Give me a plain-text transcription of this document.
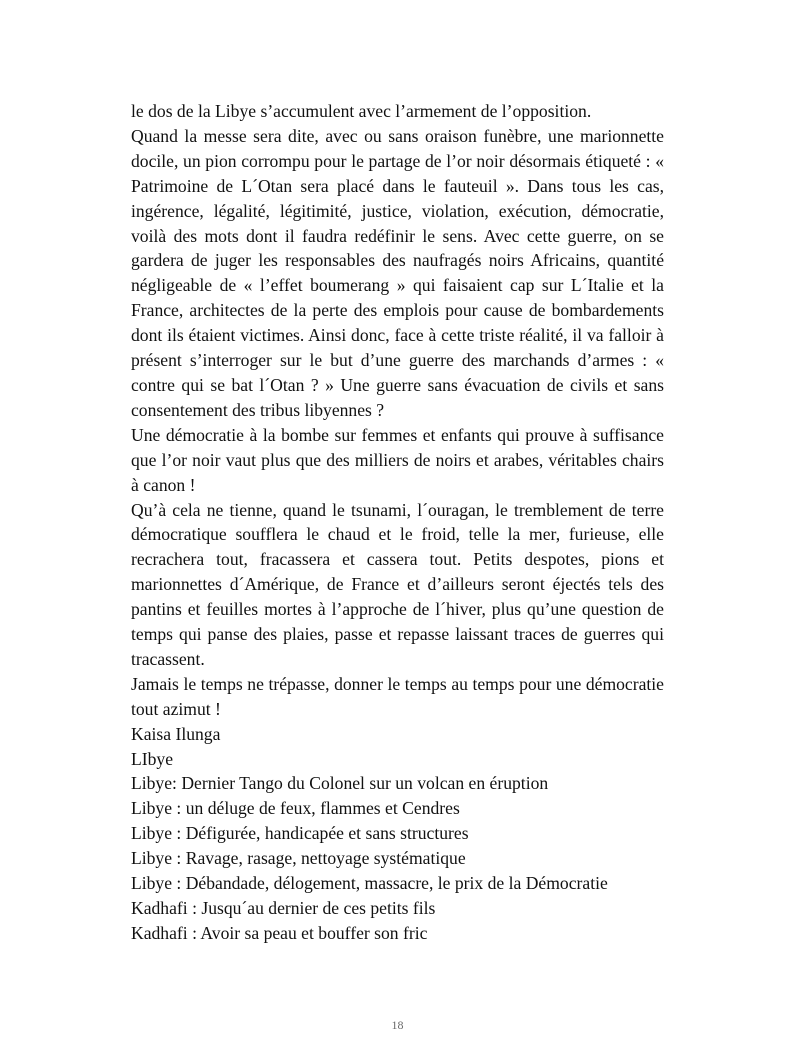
le dos de la Libye s’accumulent avec l’armement de l’opposition.

Quand la messe sera dite, avec ou sans oraison funèbre, une marionnette docile, un pion corrompu pour le partage de l’or noir désormais étiqueté : « Patrimoine de L´Otan sera placé dans le fauteuil ». Dans tous les cas, ingérence, légalité, légitimité, justice, violation, exécution, démocratie, voilà des mots dont il faudra redéfinir le sens. Avec cette guerre, on se gardera de juger les responsables des naufragés noirs Africains, quantité négligeable de « l’effet boumerang » qui faisaient cap sur L´Italie et la France, architectes de la perte des emplois pour cause de bombardements dont ils étaient victimes. Ainsi donc, face à cette triste réalité, il va falloir à présent s’interroger sur le but d’une guerre des marchands d’armes : « contre qui se bat l´Otan ? » Une guerre sans évacuation de civils et sans consentement des tribus libyennes ?

Une démocratie à la bombe sur femmes et enfants qui prouve à suffisance que l’or noir vaut plus que des milliers de noirs et arabes, véritables chairs à canon !

Qu’à cela ne tienne, quand le tsunami, l´ouragan, le tremblement de terre démocratique soufflera le chaud et le froid, telle la mer, furieuse, elle recrachera tout, fracassera et cassera tout. Petits despotes, pions et marionnettes d´Amérique, de France et d’ailleurs seront éjectés tels des pantins et feuilles mortes à l’approche de l´hiver, plus qu’une question de temps qui panse des plaies, passe et repasse laissant traces de guerres qui tracassent.

Jamais le temps ne trépasse, donner le temps au temps pour une démocratie tout azimut !

Kaisa Ilunga

LIbye

Libye: Dernier Tango du Colonel sur un volcan en éruption

Libye : un déluge de feux, flammes et Cendres

Libye : Défigurée, handicapée et sans structures

Libye : Ravage, rasage, nettoyage systématique

Libye : Débandade, délogement, massacre, le prix de la Démocratie

Kadhafi : Jusqu´au dernier de ces petits fils

Kadhafi : Avoir sa peau et bouffer son fric

18
